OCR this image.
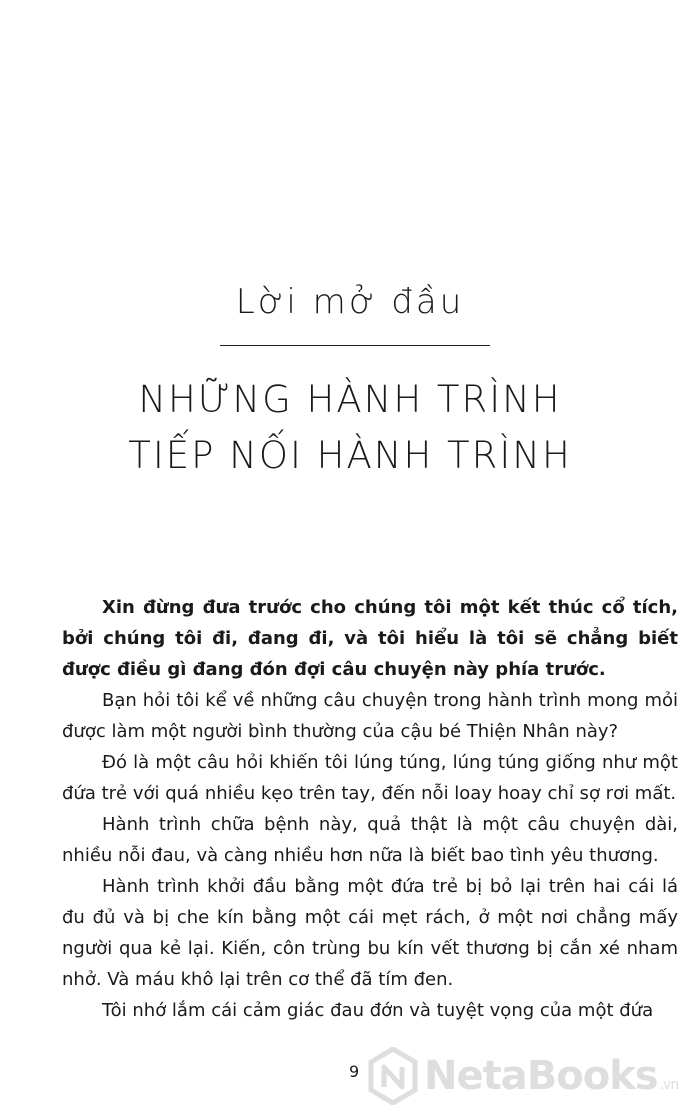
Lời mở đầu
NHỮNG HÀNH TRÌNH
TIẾP NỐI HÀNH TRÌNH

Xin đừng đưa trước cho chúng tôi một kết thúc cổ tích, bởi chúng tôi đi, đang đi, và tôi hiểu là tôi sẽ chẳng biết được điều gì đang đón đợi câu chuyện này phía trước.

Bạn hỏi tôi kể về những câu chuyện trong hành trình mong mỏi được làm một người bình thường của cậu bé Thiện Nhân này?

Đó là một câu hỏi khiến tôi lúng túng, lúng túng giống như một đứa trẻ với quá nhiều kẹo trên tay, đến nỗi loay hoay chỉ sợ rơi mất.

Hành trình chữa bệnh này, quả thật là một câu chuyện dài, nhiều nỗi đau, và càng nhiều hơn nữa là biết bao tình yêu thương.

Hành trình khởi đầu bằng một đứa trẻ bị bỏ lại trên hai cái lá đu đủ và bị che kín bằng một cái mẹt rách, ở một nơi chẳng mấy người qua kẻ lại. Kiến, côn trùng bu kín vết thương bị cắn xé nham nhở. Và máu khô lại trên cơ thể đã tím đen.

Tôi nhớ lắm cái cảm giác đau đớn và tuyệt vọng của một đứa

9 NetaBooks .vn
